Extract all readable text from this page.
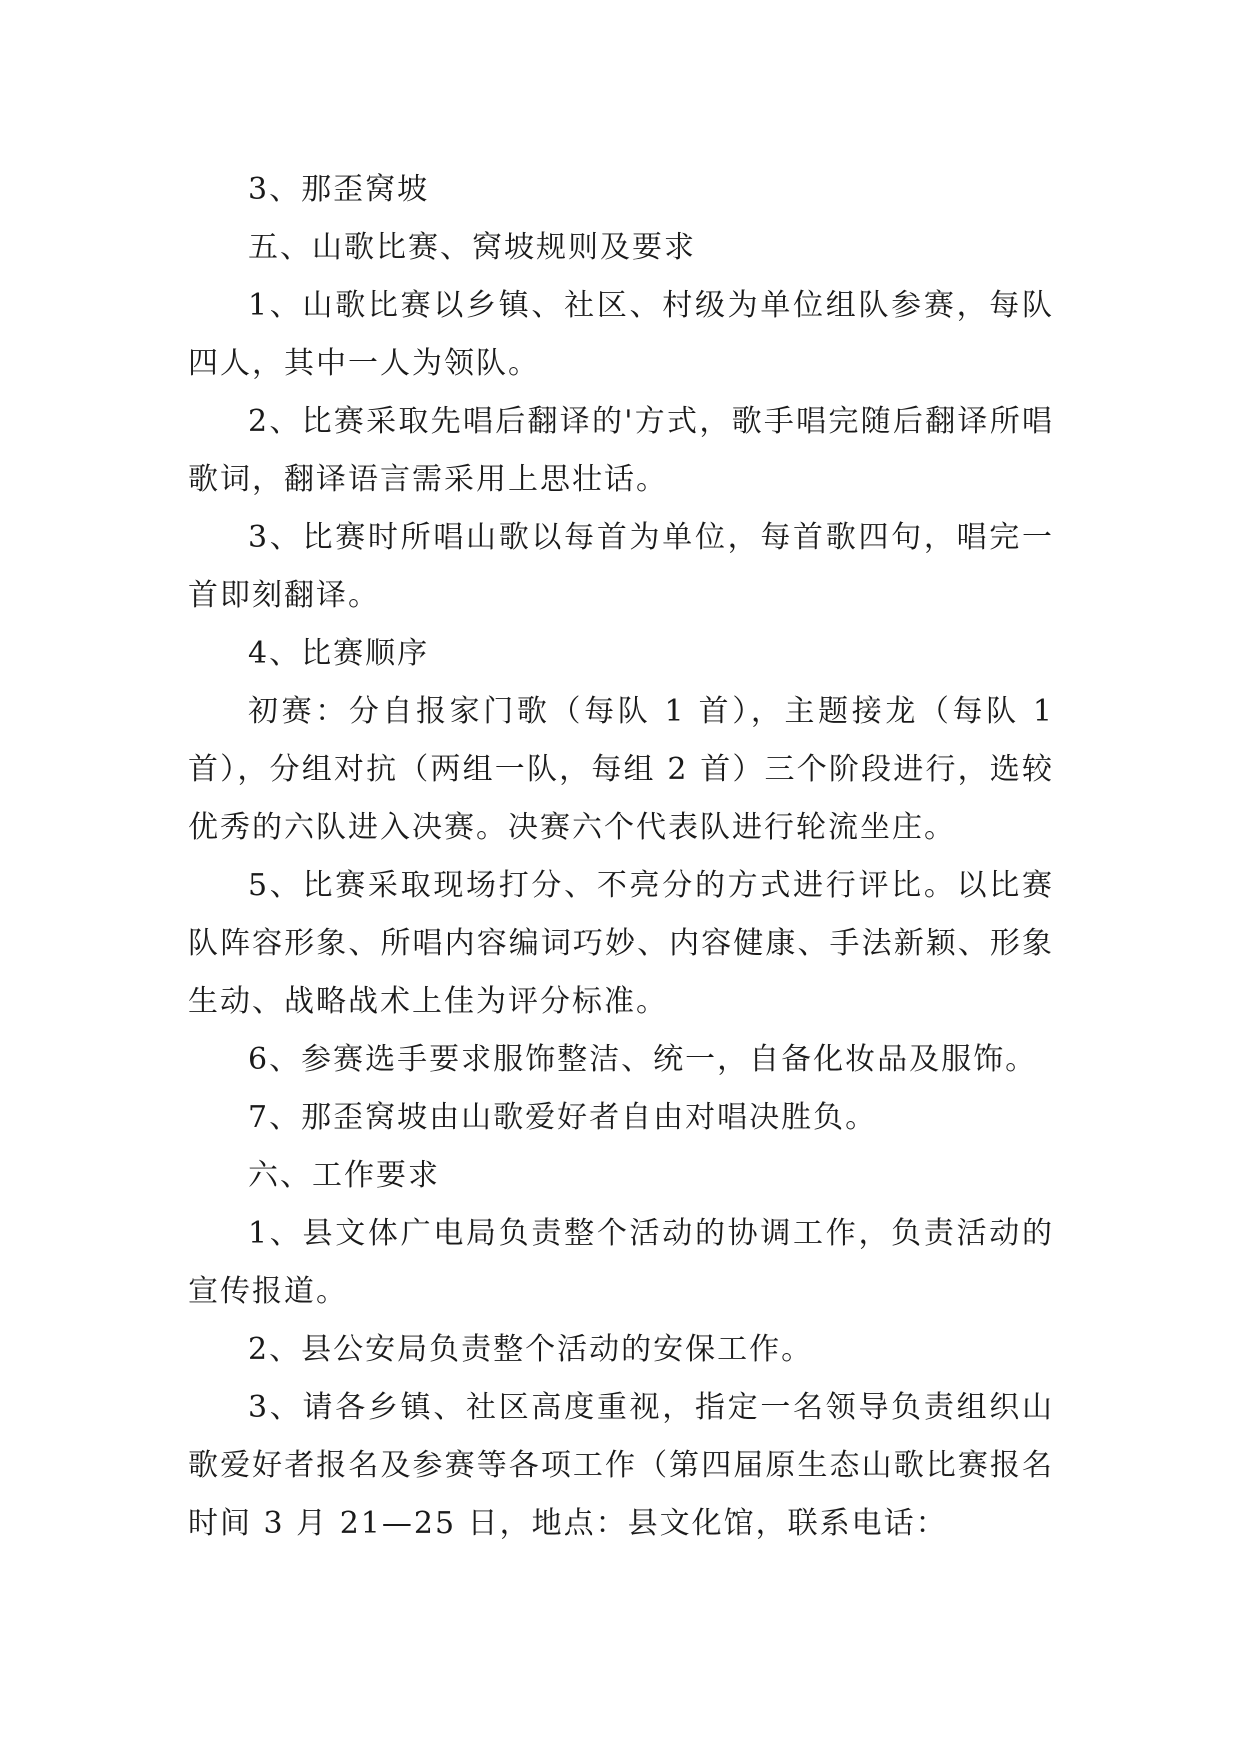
3、那歪窝坡

五、山歌比赛、窝坡规则及要求

1、山歌比赛以乡镇、社区、村级为单位组队参赛，每队四人，其中一人为领队。

2、比赛采取先唱后翻译的'方式，歌手唱完随后翻译所唱歌词，翻译语言需采用上思壮话。

3、比赛时所唱山歌以每首为单位，每首歌四句，唱完一首即刻翻译。

4、比赛顺序

初赛：分自报家门歌（每队 1 首），主题接龙（每队 1 首），分组对抗（两组一队，每组 2 首）三个阶段进行，选较优秀的六队进入决赛。决赛六个代表队进行轮流坐庄。

5、比赛采取现场打分、不亮分的方式进行评比。以比赛队阵容形象、所唱内容编词巧妙、内容健康、手法新颖、形象生动、战略战术上佳为评分标准。

6、参赛选手要求服饰整洁、统一，自备化妆品及服饰。

7、那歪窝坡由山歌爱好者自由对唱决胜负。

六、工作要求

1、县文体广电局负责整个活动的协调工作，负责活动的宣传报道。

2、县公安局负责整个活动的安保工作。

3、请各乡镇、社区高度重视，指定一名领导负责组织山歌爱好者报名及参赛等各项工作（第四届原生态山歌比赛报名时间 3 月 21—25 日，地点：县文化馆，联系电话：
